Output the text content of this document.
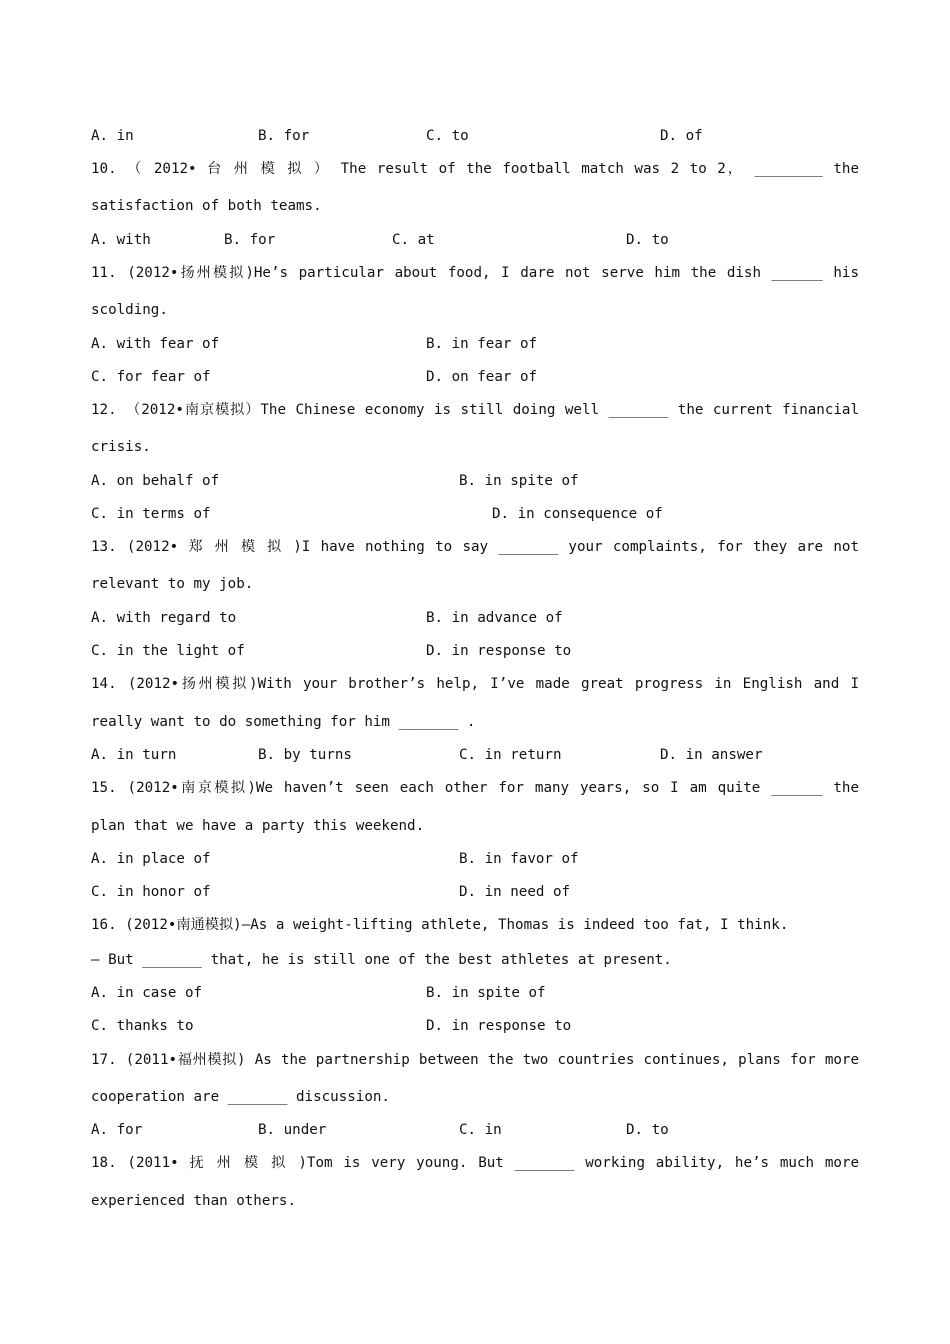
A. in	B. for	C. to	D. of
10. （ 2012• 台 州 模 拟 ） The result of the football match was 2 to 2， ________ the
satisfaction of both teams.
A. with	B. for	C. at	D. to
11. (2012•扬州模拟)He’s particular about food, I dare not serve him the dish ______ his
scolding.
A. with fear of	B. in fear of
C. for fear of	D. on fear of
12. （2012•南京模拟）The Chinese economy is still doing well _______ the current financial
crisis.
A. on behalf of	B. in spite of
C. in terms of	D. in consequence of
13. (2012• 郑 州 模 拟 )I have nothing to say _______ your complaints, for they are not
relevant to my job.
A. with regard to	B. in advance of
C. in the light of	D. in response to
14. (2012•扬州模拟)With your brother’s help, I’ve made great progress in English and I
really want to do something for him _______ .
A. in turn	B. by turns	C. in return	D. in answer
15. (2012•南京模拟)We haven’t seen each other for many years, so I am quite ______ the
plan that we have a party this weekend.
A. in place of	B. in favor of
C. in honor of	D. in need of
16. (2012•南通模拟)—As a weight-lifting athlete, Thomas is indeed too fat, I think.
— But _______ that, he is still one of the best athletes at present.
A. in case of	B. in spite of
C. thanks to	D. in response to
17. (2011•福州模拟) As the partnership between the two countries continues, plans for more
cooperation are _______ discussion.
A. for	B. under	C. in	D. to
18. (2011• 抚 州 模 拟 )Tom is very young. But _______ working ability, he’s much more
experienced than others.
